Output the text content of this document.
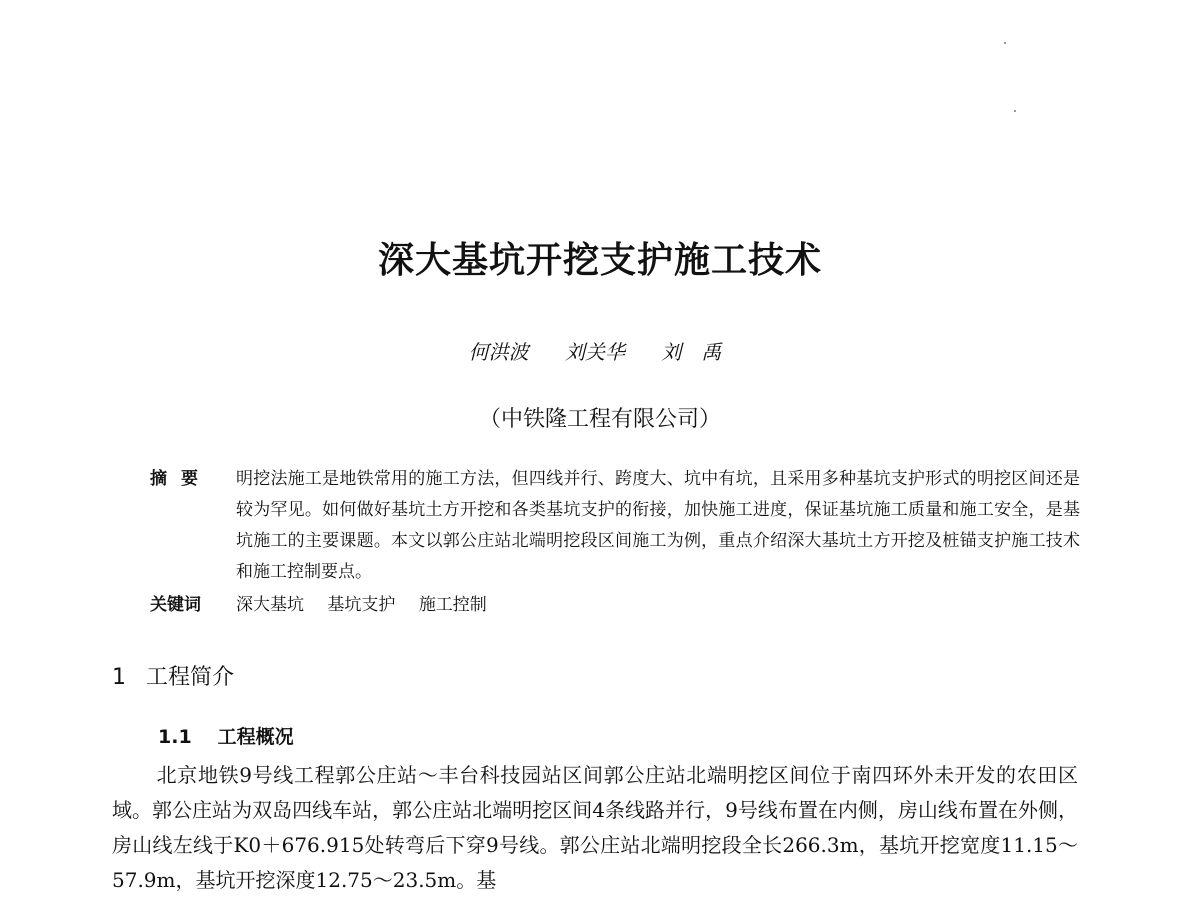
深大基坑开挖支护施工技术
何洪波 刘关华 刘　禹
（中铁隆工程有限公司）
摘要	明挖法施工是地铁常用的施工方法，但四线并行、跨度大、坑中有坑，且采用多种基坑支护形式的明挖区间还是较为罕见。如何做好基坑土方开挖和各类基坑支护的衔接，加快施工进度，保证基坑施工质量和施工安全，是基坑施工的主要课题。本文以郭公庄站北端明挖段区间施工为例，重点介绍深大基坑土方开挖及桩锚支护施工技术和施工控制要点。
关键词	深大基坑 基坑支护 施工控制
1 工程简介
1.1 工程概况
北京地铁9号线工程郭公庄站～丰台科技园站区间郭公庄站北端明挖区间位于南四环外未开发的农田区域。郭公庄站为双岛四线车站，郭公庄站北端明挖区间4条线路并行，9号线布置在内侧，房山线布置在外侧，房山线左线于K0＋676.915处转弯后下穿9号线。郭公庄站北端明挖段全长266.3m，基坑开挖宽度11.15～57.9m，基坑开挖深度12.75～23.5m。基
